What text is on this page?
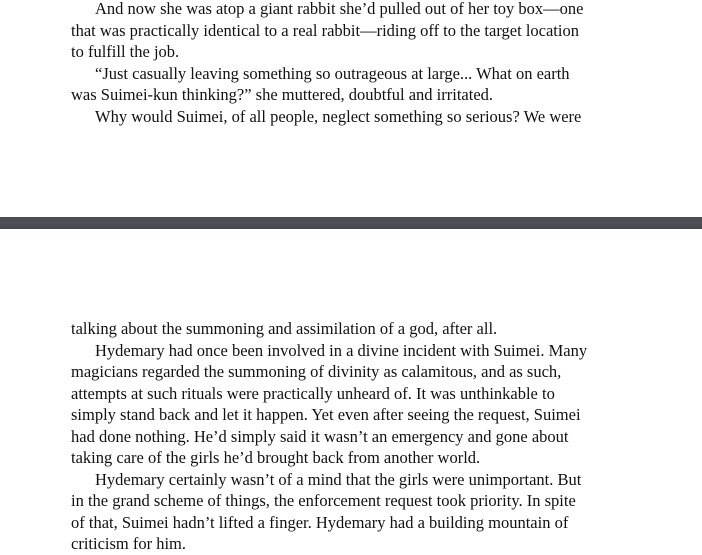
And now she was atop a giant rabbit she’d pulled out of her toy box—one
that was practically identical to a real rabbit—riding off to the target location
to fulfill the job.
“Just casually leaving something so outrageous at large... What on earth
was Suimei-kun thinking?” she muttered, doubtful and irritated.
Why would Suimei, of all people, neglect something so serious? We were
talking about the summoning and assimilation of a god, after all.
Hydemary had once been involved in a divine incident with Suimei. Many
magicians regarded the summoning of divinity as calamitous, and as such,
attempts at such rituals were practically unheard of. It was unthinkable to
simply stand back and let it happen. Yet even after seeing the request, Suimei
had done nothing. He’d simply said it wasn’t an emergency and gone about
taking care of the girls he’d brought back from another world.
Hydemary certainly wasn’t of a mind that the girls were unimportant. But
in the grand scheme of things, the enforcement request took priority. In spite
of that, Suimei hadn’t lifted a finger. Hydemary had a building mountain of
criticism for him.
